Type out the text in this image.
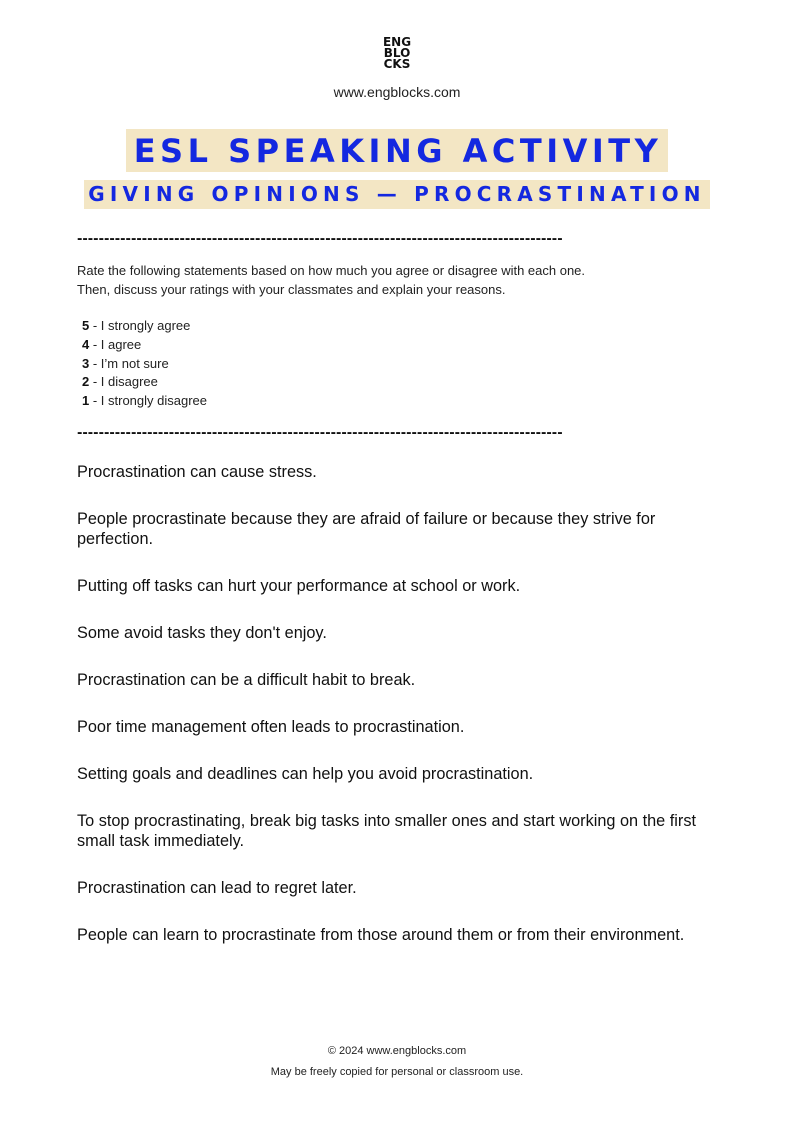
ENG
BLO
CKS
www.engblocks.com
ESL SPEAKING ACTIVITY
GIVING OPINIONS — PROCRASTINATION
------------------------------------------------------------------------------------------
Rate the following statements based on how much you agree or disagree with each one.
Then, discuss your ratings with your classmates and explain your reasons.
5 - I strongly agree
4 - I agree
3 - I’m not sure
2 - I disagree
1 - I strongly disagree
------------------------------------------------------------------------------------------
Procrastination can cause stress.
People procrastinate because they are afraid of failure or because they strive for perfection.
Putting off tasks can hurt your performance at school or work.
Some avoid tasks they don't enjoy.
Procrastination can be a difficult habit to break.
Poor time management often leads to procrastination.
Setting goals and deadlines can help you avoid procrastination.
To stop procrastinating, break big tasks into smaller ones and start working on the first small task immediately.
Procrastination can lead to regret later.
People can learn to procrastinate from those around them or from their environment.
© 2024 www.engblocks.com
May be freely copied for personal or classroom use.
